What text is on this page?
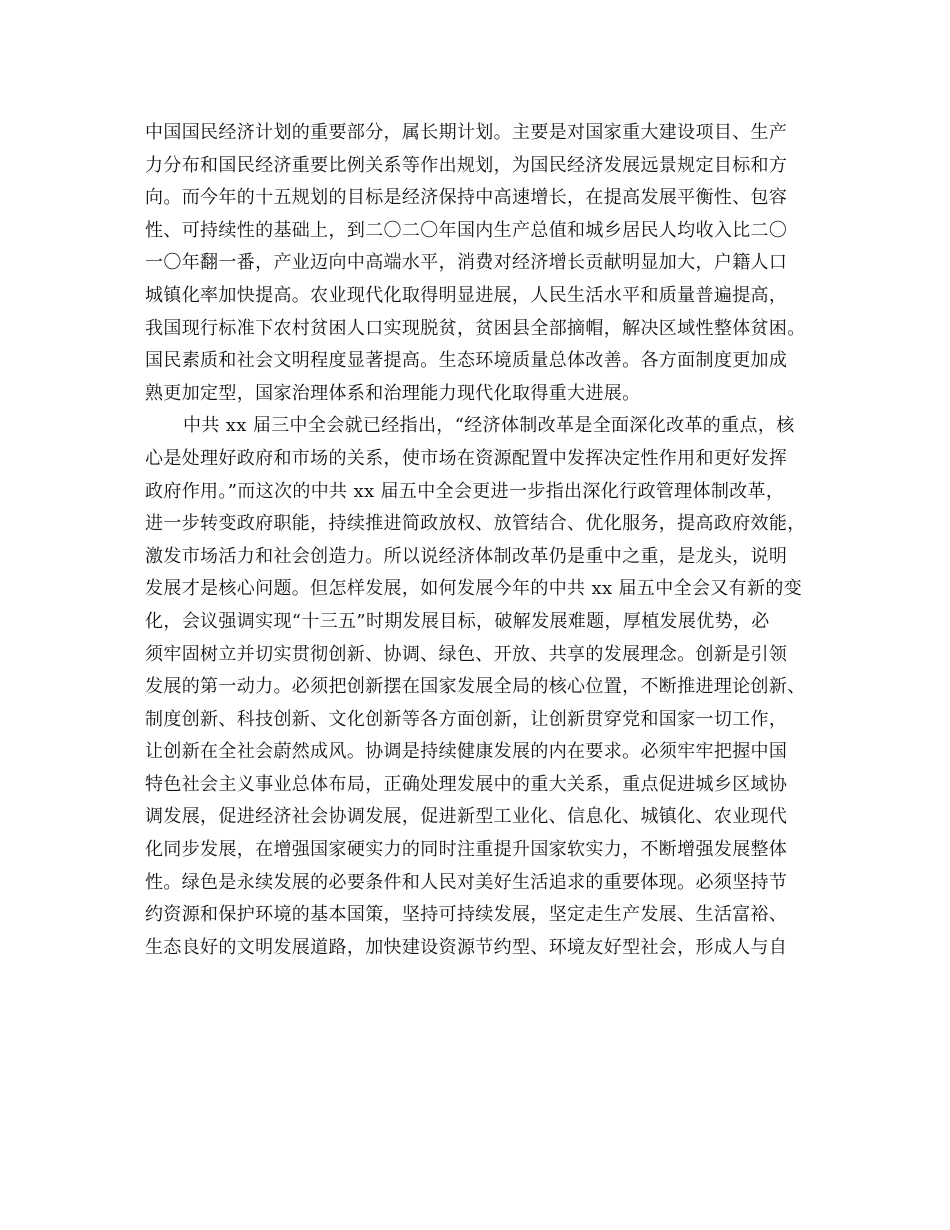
中国国民经济计划的重要部分，属长期计划。主要是对国家重大建设项目、生产
力分布和国民经济重要比例关系等作出规划，为国民经济发展远景规定目标和方
向。而今年的十五规划的目标是经济保持中高速增长，在提高发展平衡性、包容
性、可持续性的基础上，到二〇二〇年国内生产总值和城乡居民人均收入比二〇
一〇年翻一番，产业迈向中高端水平，消费对经济增长贡献明显加大，户籍人口
城镇化率加快提高。农业现代化取得明显进展，人民生活水平和质量普遍提高，
我国现行标准下农村贫困人口实现脱贫，贫困县全部摘帽，解决区域性整体贫困。
国民素质和社会文明程度显著提高。生态环境质量总体改善。各方面制度更加成
熟更加定型，国家治理体系和治理能力现代化取得重大进展。
中共 xx 届三中全会就已经指出，“经济体制改革是全面深化改革的重点，核
心是处理好政府和市场的关系，使市场在资源配置中发挥决定性作用和更好发挥
政府作用。”而这次的中共 xx 届五中全会更进一步指出深化行政管理体制改革，
进一步转变政府职能，持续推进简政放权、放管结合、优化服务，提高政府效能，
激发市场活力和社会创造力。所以说经济体制改革仍是重中之重，是龙头，说明
发展才是核心问题。但怎样发展，如何发展今年的中共 xx 届五中全会又有新的变
化，会议强调实现“十三五”时期发展目标，破解发展难题，厚植发展优势，必
须牢固树立并切实贯彻创新、协调、绿色、开放、共享的发展理念。创新是引领
发展的第一动力。必须把创新摆在国家发展全局的核心位置，不断推进理论创新、
制度创新、科技创新、文化创新等各方面创新，让创新贯穿党和国家一切工作，
让创新在全社会蔚然成风。协调是持续健康发展的内在要求。必须牢牢把握中国
特色社会主义事业总体布局，正确处理发展中的重大关系，重点促进城乡区域协
调发展，促进经济社会协调发展，促进新型工业化、信息化、城镇化、农业现代
化同步发展，在增强国家硬实力的同时注重提升国家软实力，不断增强发展整体
性。绿色是永续发展的必要条件和人民对美好生活追求的重要体现。必须坚持节
约资源和保护环境的基本国策，坚持可持续发展，坚定走生产发展、生活富裕、
生态良好的文明发展道路，加快建设资源节约型、环境友好型社会，形成人与自
